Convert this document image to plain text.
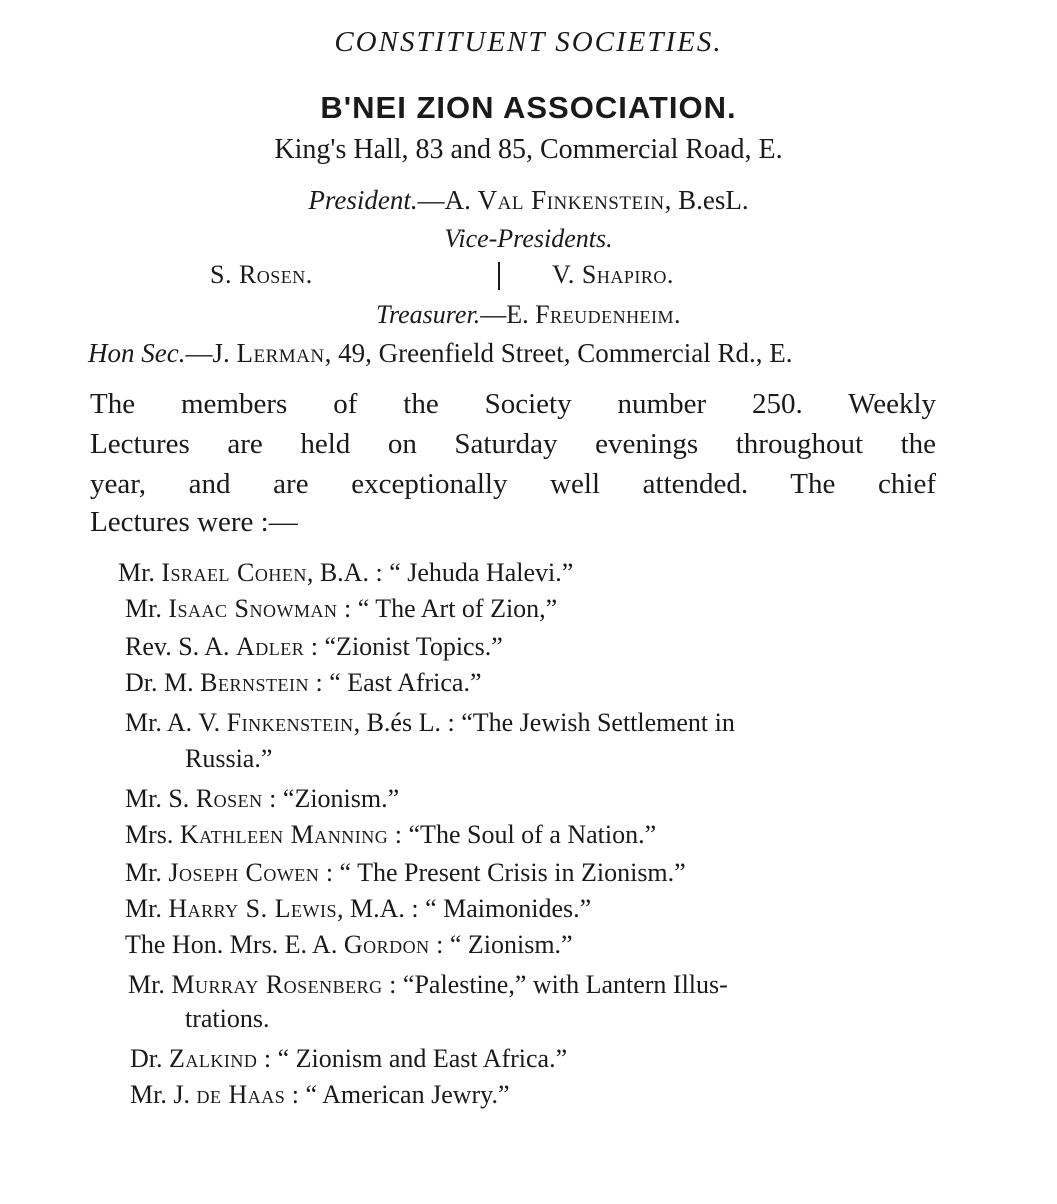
CONSTITUENT SOCIETIES.
B'NEI ZION ASSOCIATION.
King's Hall, 83 and 85, Commercial Road, E.
President.—A. Val Finkenstein, B.esL.
Vice-Presidents.
S. Rosen.	V. Shapiro.
Treasurer.—E. Freudenheim.
Hon Sec.—J. Lerman, 49, Greenfield Street, Commercial Rd., E.
The members of the Society number 250. Weekly
Lectures are held on Saturday evenings throughout the
year, and are exceptionally well attended. The chief
Lectures were :—
Mr. Israel Cohen, B.A. : “ Jehuda Halevi.”
Mr. Isaac Snowman : “ The Art of Zion,”
Rev. S. A. Adler : “Zionist Topics.”
Dr. M. Bernstein : “ East Africa.”
Mr. A. V. Finkenstein, B.és L. : “The Jewish Settlement in
Russia.”
Mr. S. Rosen : “Zionism.”
Mrs. Kathleen Manning : “The Soul of a Nation.”
Mr. Joseph Cowen : “ The Present Crisis in Zionism.”
Mr. Harry S. Lewis, M.A. : “ Maimonides.”
The Hon. Mrs. E. A. Gordon : “ Zionism.”
Mr. Murray Rosenberg : “Palestine,” with Lantern Illus-
trations.
Dr. Zalkind : “ Zionism and East Africa.”
Mr. J. de Haas : “ American Jewry.”
